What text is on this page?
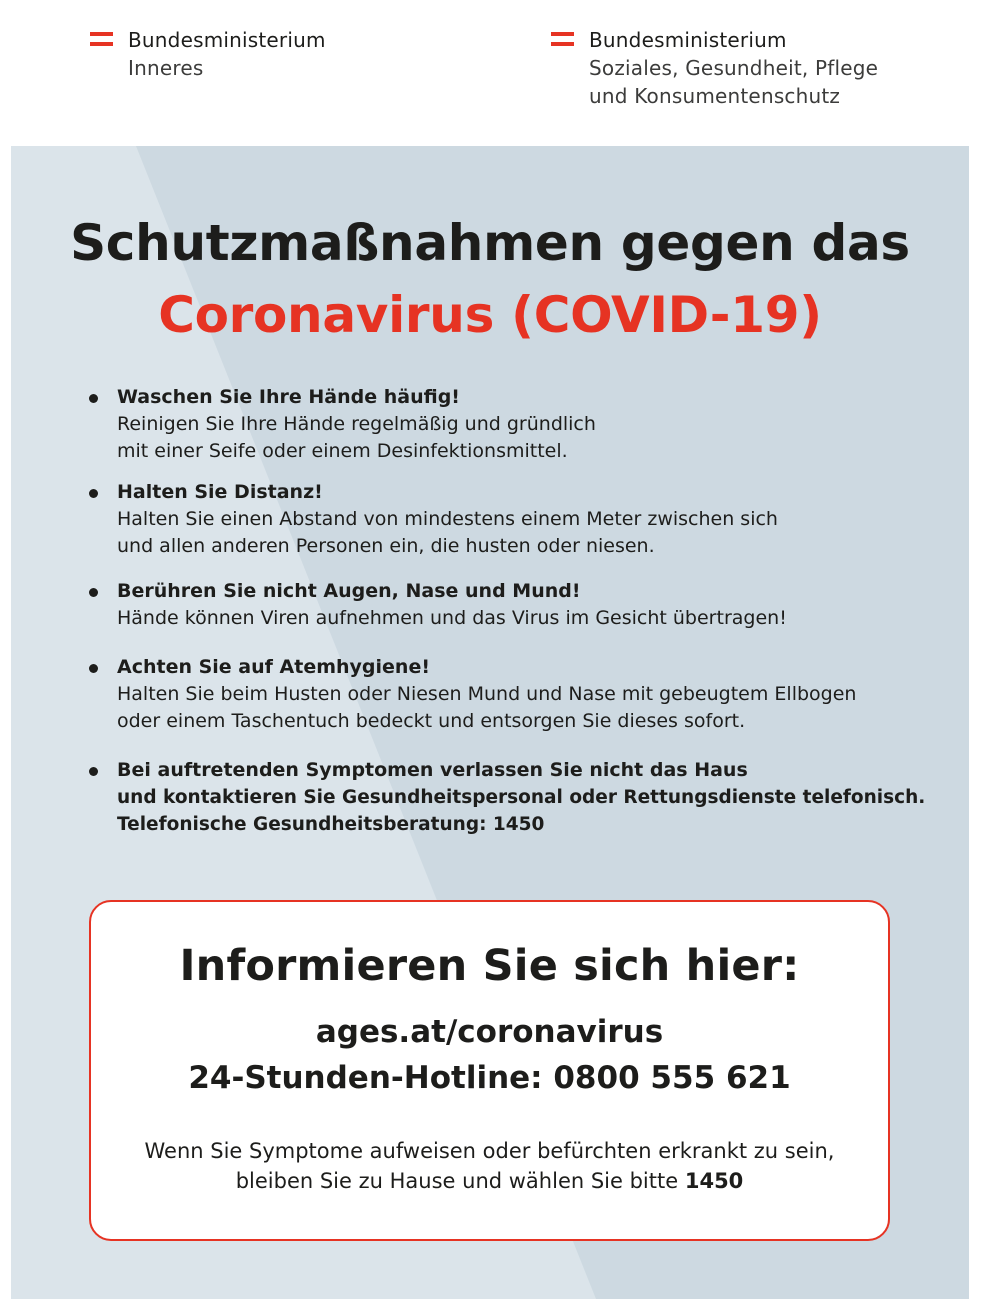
Bundesministerium
Inneres
Bundesministerium
Soziales, Gesundheit, Pflege
und Konsumentenschutz
Schutzmaßnahmen gegen das
Coronavirus (COVID-19)
Waschen Sie Ihre Hände häufig!
Reinigen Sie Ihre Hände regelmäßig und gründlich
mit einer Seife oder einem Desinfektionsmittel.
Halten Sie Distanz!
Halten Sie einen Abstand von mindestens einem Meter zwischen sich
und allen anderen Personen ein, die husten oder niesen.
Berühren Sie nicht Augen, Nase und Mund!
Hände können Viren aufnehmen und das Virus im Gesicht übertragen!
Achten Sie auf Atemhygiene!
Halten Sie beim Husten oder Niesen Mund und Nase mit gebeugtem Ellbogen
oder einem Taschentuch bedeckt und entsorgen Sie dieses sofort.
Bei auftretenden Symptomen verlassen Sie nicht das Haus
und kontaktieren Sie Gesundheitspersonal oder Rettungsdienste telefonisch.
Telefonische Gesundheitsberatung: 1450
Informieren Sie sich hier:
ages.at/coronavirus
24-Stunden-Hotline: 0800 555 621
Wenn Sie Symptome aufweisen oder befürchten erkrankt zu sein,
bleiben Sie zu Hause und wählen Sie bitte 1450
